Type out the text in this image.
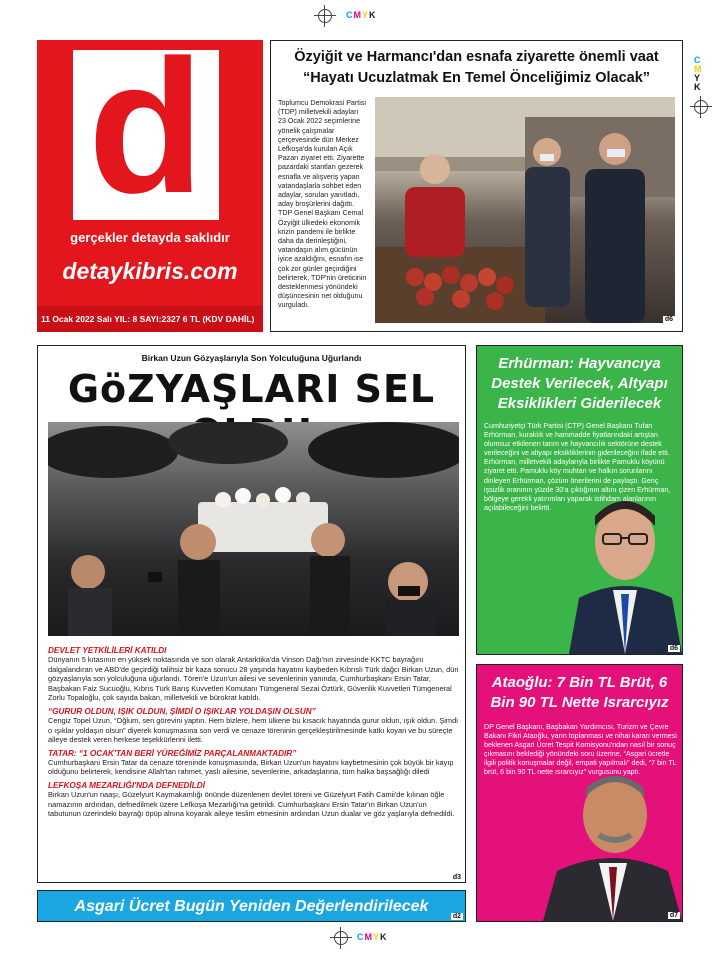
CMYK
C
M
Y
K
CMYK
d
gerçekler detayda saklıdır
detaykibris.com
11 Ocak 2022 Salı YIL: 8 SAYI:2327 6 TL (KDV DAHİL)
Özyiğit ve Harmancı'dan esnafa ziyarette önemli vaat
“Hayatı Ucuzlatmak En Temel Önceliğimiz Olacak”
Toplumcu Demokrasi Partisi (TDP) milletvekili adayları 23 Ocak 2022 seçimlerine yönelik çalışmalar çerçevesinde dün Merkez Lefkoşa'da kurulan Açık Pazarı ziyaret etti. Ziyarette pazardaki stantları gezerek esnafla ve alışveriş yapan vatandaşlarla sohbet eden adaylar, soruları yanıtladı, aday broşürlerini dağıttı. TDP Genel Başkanı Cemal Özyiğit ülkedeki ekonomik krizin pandemi ile birlikte daha da derinleştiğini, vatandaşın alım gücünün iyice azaldığını, esnafın ise çok zor günler geçirdiğini belirterek, TDP'nin üreticinin desteklenmesi yönündeki düşüncesinin net olduğunu vurguladı.
d6
Birkan Uzun Gözyaşlarıyla Son Yolculuğuna Uğurlandı
GöZYAŞLARI SEL
DEVLET YETKİLİLERİ KATILDI
Dünyanın 5 kıtasının en yüksek noktasında ve son olarak Antarktika'da Vinson Dağı'nın zirvesinde KKTC bayrağını dalgalandıran ve ABD'de geçirdiği talihsiz bir kaza sonucu 28 yaşında hayatını kaybeden Kıbrıslı Türk dağcı Birkan Uzun, dün gözyaşlarıyla son yolculuğuna uğurlandı. Tören'e Uzun'un ailesi ve sevenlerinin yanında, Cumhurbaşkanı Ersin Tatar, Başbakan Faiz Sucuoğlu, Kıbrıs Türk Barış Kuvvetleri Komutanı Tümgeneral Sezai Öztürk, Güvenlik Kuvvetleri Tümgeneral Zorlu Topaloğlu, çok sayıda bakan, milletvekili ve bürokrat katıldı.
“GURUR OLDUN, IŞIK OLDUN, ŞİMDİ O IŞIKLAR YOLDAŞIN OLSUN”
Cengiz Topel Uzun, “Oğlum, sen görevini yaptın. Hem bizlere, hem ülkene bu kısacık hayatında gurur oldun, ışık oldun. Şimdi o ışıklar yoldaşın olsun” diyerek konuşmasına son verdi ve cenaze töreninin gerçekleştirilmesinde katkı koyan ve bu süreçte aileye destek veren herkese teşekkürlerini iletti.
TATAR: “1 OCAK'TAN BERİ YÜREĞİMİZ PARÇALANMAKTADIR”
Cumhurbaşkanı Ersin Tatar da cenaze töreninde konuşmasında, Birkan Uzun'un hayatını kaybetmesinin çok büyük bir kayıp olduğunu belirterek, kendisine Allah'tan rahmet, yaslı ailesine, sevenlerine, arkadaşlarına, tüm halka başsağlığı diledi
LEFKOŞA MEZARLIĞI'NDA DEFNEDİLDİ
Birkan Uzun'un naaşı, Güzelyurt Kaymakamlığı önünde düzenlenen devlet töreni ve Güzelyurt Fatih Camii'de kılınan öğle namazının ardından, defnedilmek üzere Lefkoşa Mezarlığı'na getirildi. Cumhurbaşkanı Ersin Tatar'ın Birkan Uzun'un tabutunun üzerindeki bayrağı öpüp alnına koyarak aileye teslim etmesinin ardından Uzun dualar ve göz yaşlarıyla defnedildi.
d3
Erhürman: Hayvancıya Destek Verilecek, Altyapı Eksiklikleri Giderilecek
Cumhuriyetçi Türk Partisi (CTP) Genel Başkanı Tufan Erhürman, kuraklık ve hammadde fiyatlarındaki artıştan olumsuz etkilenen tarım ve hayvancılık sektörüne destek verileceğini ve altyapı eksikliklerinin giderileceğini ifade etti. Erhürman, milletvekili adaylarıyla birlikte Pamuklu köyünü ziyaret etti. Pamuklu köy muhtarı ve halkın sorunlarını dinleyen Erhürman, çözüm önerilerini de paylaştı. Genç işsizlik oranının yüzde 30'a çıktığının altını çizen Erhürman, bölgeye gerekli yatırımları yaparak istihdam alanlarının açılabileceğini belirtti.
d6
Ataoğlu: 7 Bin TL Brüt, 6 Bin 90 TL Nette Israrcıyız
DP Genel Başkanı, Başbakan Yardımcısı, Turizm ve Çevre Bakanı Fikri Ataoğlu, yarın toplanması ve nihai kararı vermesi beklenen Asgari Ücret Tespit Komisyonu'ndan nasıl bir sonuç çıkmasını beklediği yönündeki soru üzerine, “Asgari ücretle ilgili politik konuşmalar değil, empati yapılmalı” dedi, “7 bin TL brüt, 6 bin 90 TL nette ısrarcıyız” vurgusunu yaptı.
d7
Asgari Ücret Bugün Yeniden Değerlendirilecek
d2
